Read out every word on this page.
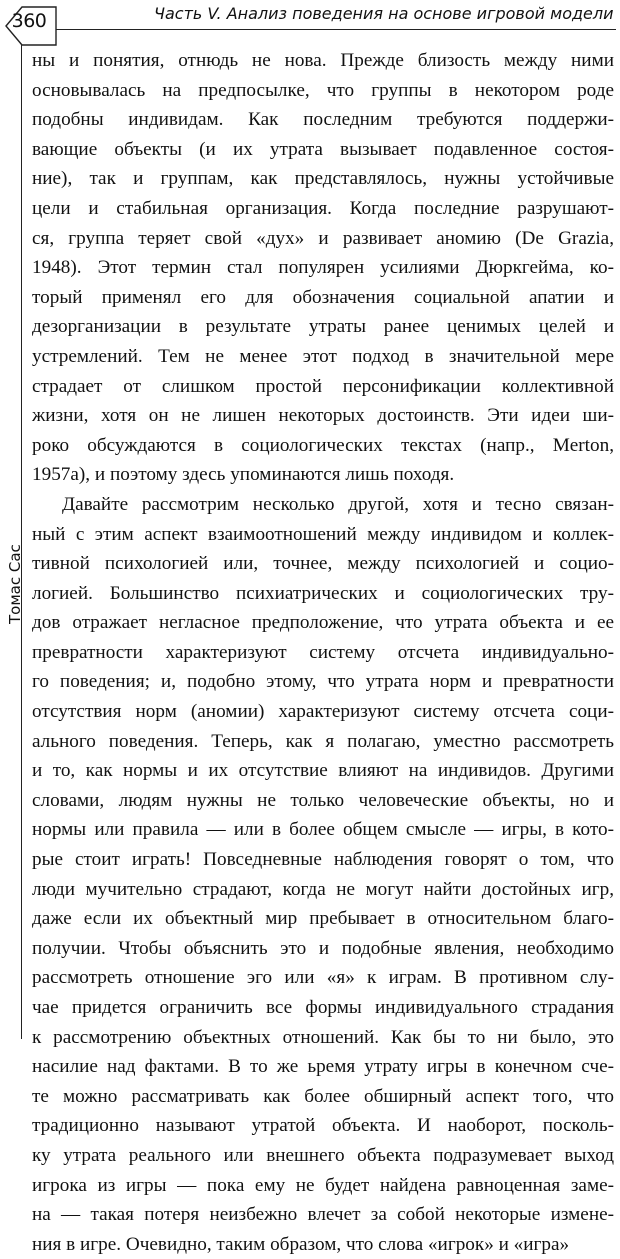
360	Часть V. Анализ поведения на основе игровой модели
Томас Сас
ны и понятия, отнюдь не нова. Прежде близость между ними
основывалась на предпосылке, что группы в некотором роде
подобны индивидам. Как последним требуются поддержи-
вающие объекты (и их утрата вызывает подавленное состоя-
ние), так и группам, как представлялось, нужны устойчивые
цели и стабильная организация. Когда последние разрушают-
ся, группа теряет свой «дух» и развивает аномию (De Grazia,
1948). Этот термин стал популярен усилиями Дюркгейма, ко-
торый применял его для обозначения социальной апатии и
дезорганизации в результате утраты ранее ценимых целей и
устремлений. Тем не менее этот подход в значительной мере
страдает от слишком простой персонификации коллективной
жизни, хотя он не лишен некоторых достоинств. Эти идеи ши-
роко обсуждаются в социологических текстах (напр., Merton,
1957а), и поэтому здесь упоминаются лишь походя.
Давайте рассмотрим несколько другой, хотя и тесно связан-
ный с этим аспект взаимоотношений между индивидом и коллек-
тивной психологией или, точнее, между психологией и социо-
логией. Большинство психиатрических и социологических тру-
дов отражает негласное предположение, что утрата объекта и ее
превратности характеризуют систему отсчета индивидуально-
го поведения; и, подобно этому, что утрата норм и превратности
отсутствия норм (аномии) характеризуют систему отсчета соци-
ального поведения. Теперь, как я полагаю, уместно рассмотреть
и то, как нормы и их отсутствие влияют на индивидов. Другими
словами, людям нужны не только человеческие объекты, но и
нормы или правила — или в более общем смысле — игры, в кото-
рые стоит играть! Повседневные наблюдения говорят о том, что
люди мучительно страдают, когда не могут найти достойных игр,
даже если их объектный мир пребывает в относительном благо-
получии. Чтобы объяснить это и подобные явления, необходимо
рассмотреть отношение эго или «я» к играм. В противном слу-
чае придется ограничить все формы индивидуального страдания
к рассмотрению объектных отношений. Как бы то ни было, это
насилие над фактами. В то же ьремя утрату игры в конечном сче-
те можно рассматривать как более обширный аспект того, что
традиционно называют утратой объекта. И наоборот, посколь-
ку утрата реального или внешнего объекта подразумевает выход
игрока из игры — пока ему не будет найдена равноценная заме-
на — такая потеря неизбежно влечет за собой некоторые измене-
ния в игре. Очевидно, таким образом, что слова «игрок» и «игра»
